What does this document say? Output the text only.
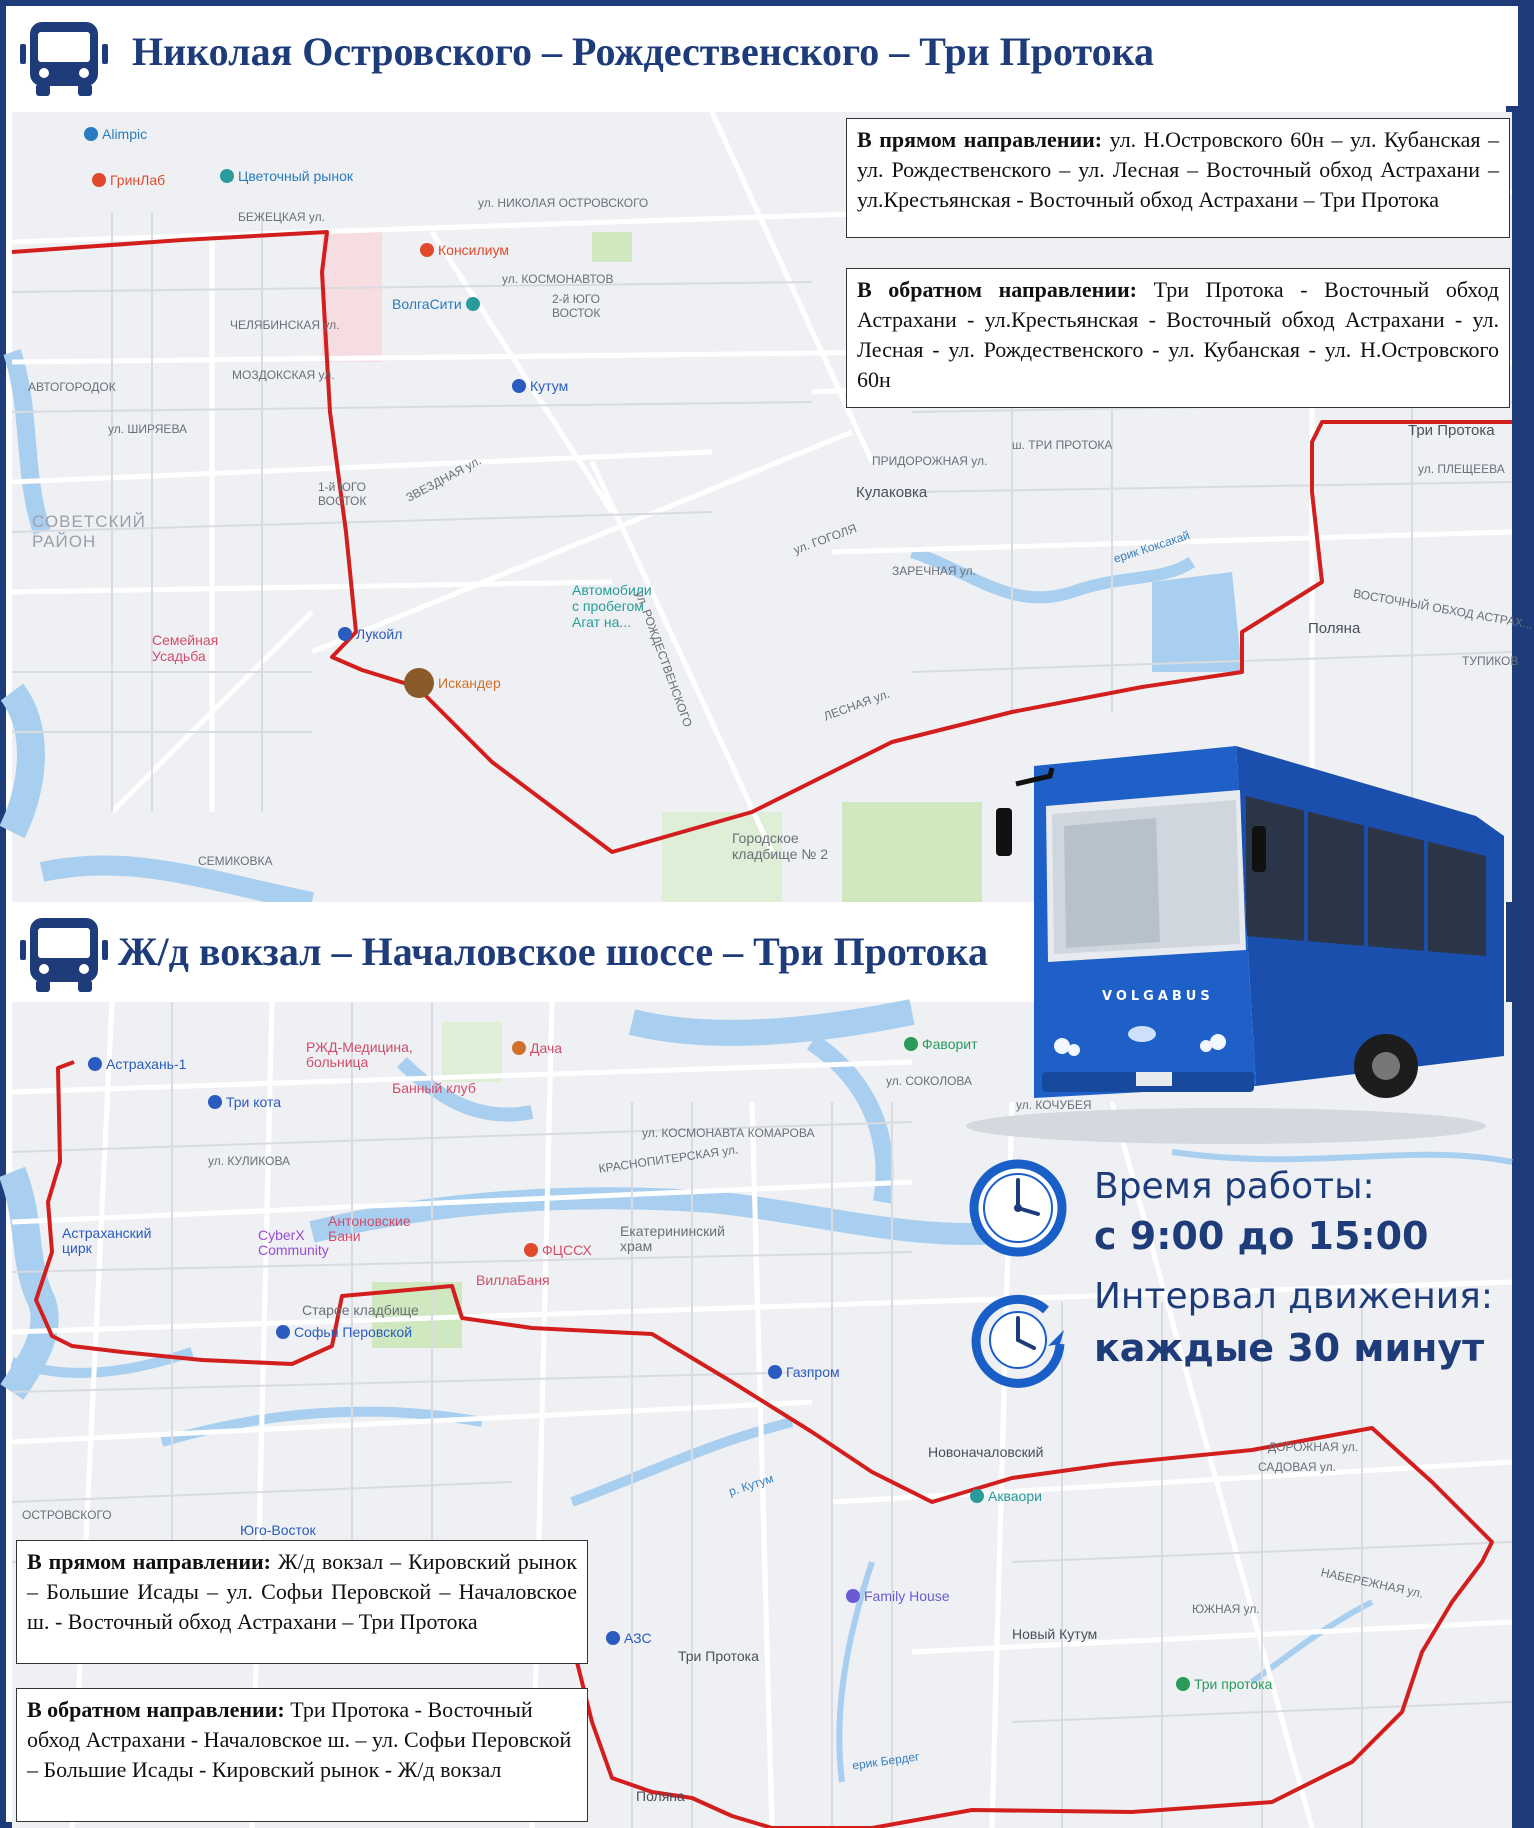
Николая Островского – Рождественского – Три Протока
Alimpic
ГринЛаб	Цветочный рынок
Консилиум
ВолгаСити
Кутум
Лукойл
Искандер
Семейная
Усадьба
Автомобили
с пробегом
Агат на...
Городское
кладбище № 2
Кулаковка
Три Протока
Поляна
СОВЕТСКИЙ
РАЙОН
ул. НИКОЛАЯ ОСТРОВСКОГО
ул. КОСМОНАВТОВ
ул. ШИРЯЕВА
ЛЕСНАЯ ул.
ул. РОЖДЕСТВЕНСКОГО	ВОСТОЧНЫЙ ОБХОД АСТРАХ...
ш. ТРИ ПРОТОКА
ерик Коксакай
ЗАРЕЧНАЯ ул.
ул. ГОГОЛЯ
ЗВЕЗДНАЯ ул.
МОЗДОКСКАЯ ул.
ЧЕЛЯБИНСКАЯ ул.
БЕЖЕЦКАЯ ул.
АВТОГОРОДОК
1-й ЮГО
ВОСТОК
2-й ЮГО
ВОСТОК
СЕМИКОВКА
ул. ПЛЕЩЕЕВА
ТУПИКОВ
ПРИДОРОЖНАЯ ул.
В прямом направлении: ул. Н.Островского 60н – ул. Кубанская – ул. Рождественского – ул. Лесная – Восточный обход Астрахани – ул.Крестьянская - Восточный обход Астрахани – Три Протока
В обратном направлении: Три Протока - Восточный обход Астрахани - ул.Крестьянская - Восточный обход Астрахани - ул. Лесная - ул. Рождественского - ул. Кубанская - ул. Н.Островского 60н
Ж/д вокзал – Началовское шоссе – Три Протока
Астрахань-1
Три кота
РЖД-Медицина,
больница
Дача
Банный клуб
CyberX
Community
Антоновские
Бани
Астраханский
цирк
Старое кладбище
Софьи Перовской
ВиллаБаня
ФЦССХ
Екатерининский
храм
Фаворит
Газпром
Новоначаловский
Акваори
Family House
Новый Кутум
АЗС
Три Протока
Три протока
Юго-Восток
Поляна
р. Кутум
ерик Бердег
ул. КОСМОНАВТА КОМАРОВА
КРАСНОПИТЕРСКАЯ ул.
ул. КУЛИКОВА
ул. КОЧУБЕЯ
ул. СОКОЛОВА
ЮЖНАЯ ул.
ДОРОЖНАЯ ул.
САДОВАЯ ул.
НАБЕРЕЖНАЯ ул.
ОСТРОВСКОГО
В прямом направлении: Ж/д вокзал – Кировский рынок – Большие Исады – ул. Софьи Перовской – Началовское ш. - Восточный обход Астрахани – Три Протока
В обратном направлении: Три Протока - Восточный обход Астрахани - Началовское ш. – ул. Софьи Перовской – Большие Исады - Кировский рынок - Ж/д вокзал
VOLGABUS
Время работы:
с 9:00 до 15:00
Интервал движения:
каждые 30 минут
